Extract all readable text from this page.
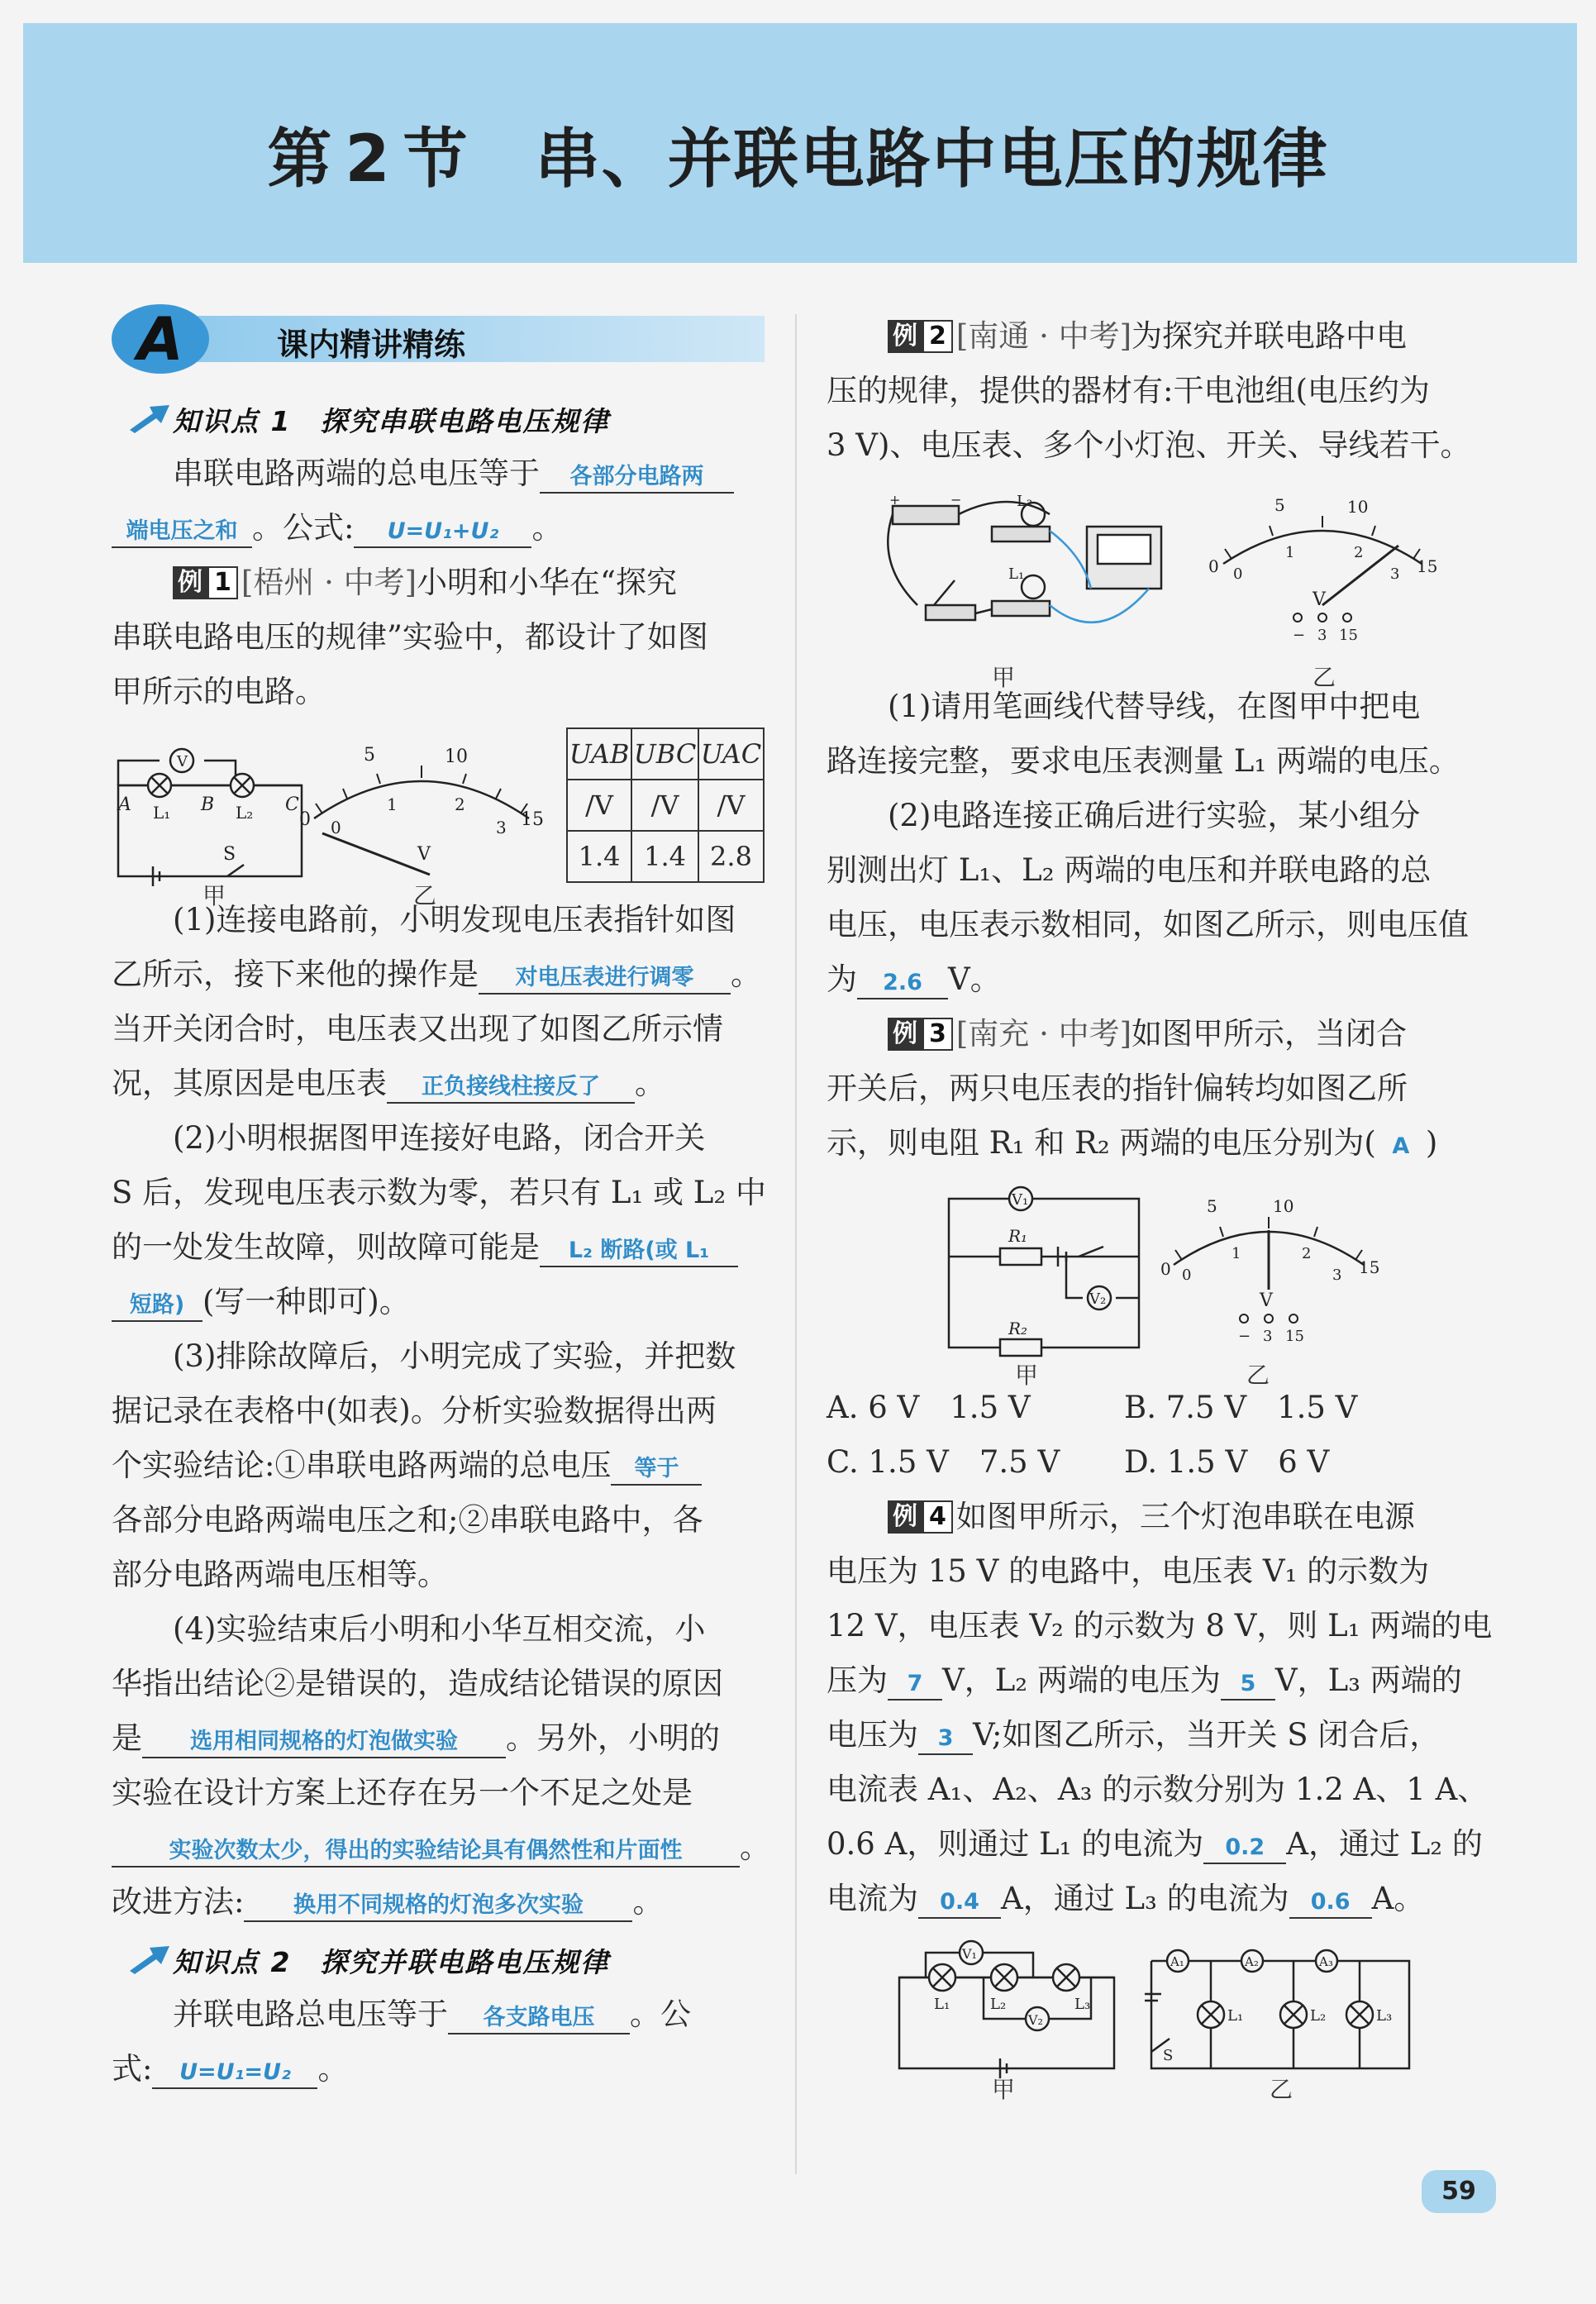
第 2 节 串、并联电路中电压的规律
A	课内精讲精练
知识点 1　探究串联电路电压规律

串联电路两端的总电压等于 各部分电路两

端电压之和 。公式: U=U₁+U₂ 。

例 1 [梧州 · 中考]小明和小华在“探究

串联电路电压的规律”实验中，都设计了如图

甲所示的电路。

V
A	B	C
L₁	L₂
S
甲
5	10
15
0 0
1	2
3
V
乙
UAB	UBC	UAC
/V	/V	/V
1.4	1.4	2.8

(1)连接电路前，小明发现电压表指针如图

乙所示，接下来他的操作是 对电压表进行调零 。

当开关闭合时，电压表又出现了如图乙所示情

况，其原因是电压表 正负接线柱接反了 。

(2)小明根据图甲连接好电路，闭合开关

S 后，发现电压表示数为零，若只有 L₁ 或 L₂ 中

的一处发生故障，则故障可能是 L₂ 断路(或 L₁

短路) (写一种即可)。

(3)排除故障后，小明完成了实验，并把数

据记录在表格中(如表)。分析实验数据得出两

个实验结论:①串联电路两端的总电压 等于

各部分电路两端电压之和;②串联电路中，各

部分电路两端电压相等。

(4)实验结束后小明和小华互相交流，小

华指出结论②是错误的，造成结论错误的原因

是 选用相同规格的灯泡做实验 。另外，小明的

实验在设计方案上还存在另一个不足之处是

实验次数太少，得出的实验结论具有偶然性和片面性 。

改进方法: 换用不同规格的灯泡多次实验 。

知识点 2　探究并联电路电压规律

并联电路总电压等于 各支路电压 。公

式: U=U₁=U₂ 。

例 2 [南通 · 中考]为探究并联电路中电

压的规律，提供的器材有:干电池组(电压约为

3 V)、电压表、多个小灯泡、开关、导线若干。

L₂
L₁
+	−
甲
5	10
15
0 0
1	2
3
V
− 3 15
乙

(1)请用笔画线代替导线，在图甲中把电

路连接完整，要求电压表测量 L₁ 两端的电压。

(2)电路连接正确后进行实验，某小组分

别测出灯 L₁、L₂ 两端的电压和并联电路的总

电压，电压表示数相同，如图乙所示，则电压值

为 2.6 V。

例 3 [南充 · 中考]如图甲所示，当闭合

开关后，两只电压表的指针偏转均如图乙所

示，则电阻 R₁ 和 R₂ 两端的电压分别为( A )

V₁
V₂
R₁
R₂
甲
5	10
15
0 0
1	2
3
V
− 3 15
乙
A. 6 V　1.5 V	B. 7.5 V　1.5 V
C. 1.5 V　7.5 V D. 1.5 V　6 V

例 4 如图甲所示，三个灯泡串联在电源

电压为 15 V 的电路中，电压表 V₁ 的示数为

12 V，电压表 V₂ 的示数为 8 V，则 L₁ 两端的电

压为 7 V，L₂ 两端的电压为 5 V，L₃ 两端的

电压为 3 V;如图乙所示，当开关 S 闭合后，

电流表 A₁、A₂、A₃ 的示数分别为 1.2 A、1 A、

0.6 A，则通过 L₁ 的电流为 0.2 A，通过 L₂ 的

电流为 0.4 A，通过 L₃ 的电流为 0.6 A。

V₁
V₂
L₁	L₂	L₃
甲
A₁	A₂	A₃
L₁	L₂	L₃
S
乙
59
